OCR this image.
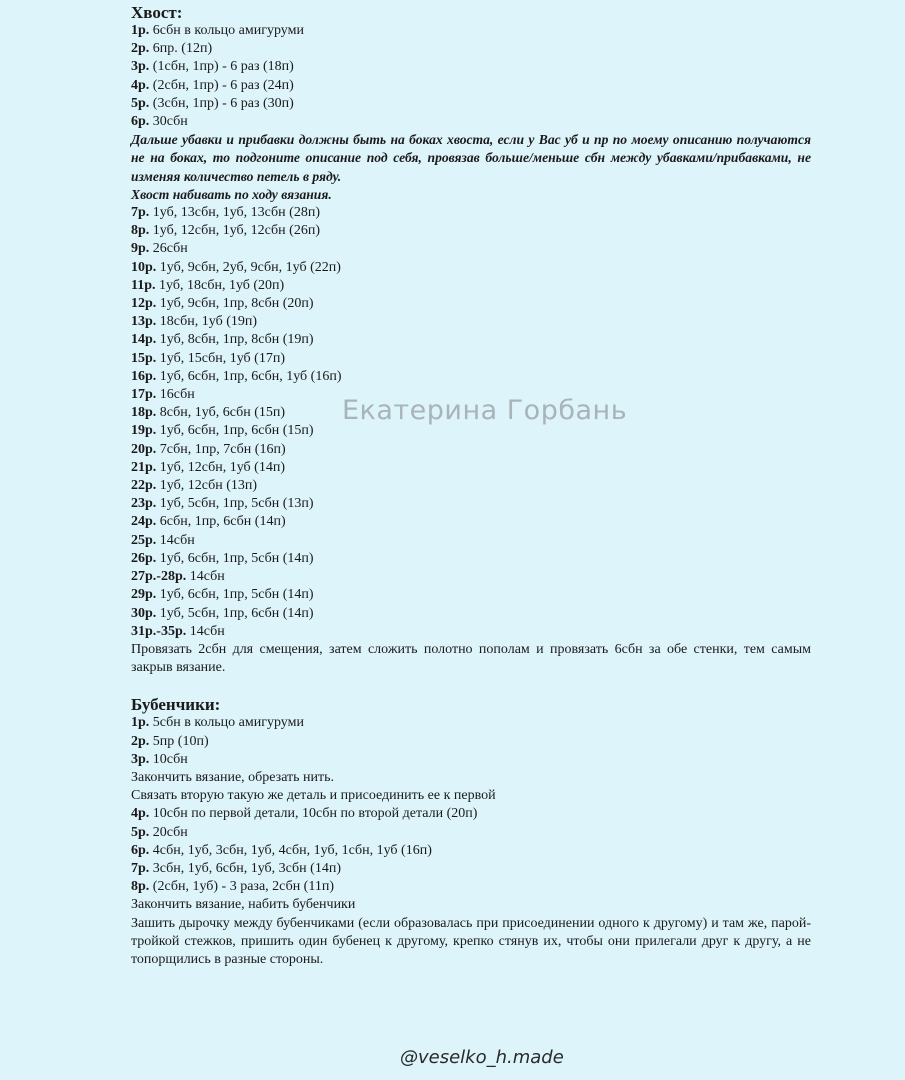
Хвост:
1р. 6сбн в кольцо амигуруми
2р. 6пр. (12п)
3р. (1сбн, 1пр) - 6 раз (18п)
4р. (2сбн, 1пр) - 6 раз (24п)
5р. (3сбн, 1пр) - 6 раз (30п)
6р. 30сбн
Дальше убавки и прибавки должны быть на боках хвоста, если у Вас уб и пр по моему описанию получаются не на боках, то подгоните описание под себя, провязав больше/меньше сбн между убавками/прибавками, не изменяя количество петель в ряду.
Хвост набивать по ходу вязания.
7р. 1уб, 13сбн, 1уб, 13сбн (28п)
8р. 1уб, 12сбн, 1уб, 12сбн (26п)
9р. 26сбн
10р. 1уб, 9сбн, 2уб, 9сбн, 1уб (22п)
11р. 1уб, 18сбн, 1уб (20п)
12р. 1уб, 9сбн, 1пр, 8сбн (20п)
13р. 18сбн, 1уб (19п)
14р. 1уб, 8сбн, 1пр, 8сбн (19п)
15р. 1уб, 15сбн, 1уб (17п)
16р. 1уб, 6сбн, 1пр, 6сбн, 1уб (16п)
17р. 16сбн
18р. 8сбн, 1уб, 6сбн (15п)
19р. 1уб, 6сбн, 1пр, 6сбн (15п)
20р. 7сбн, 1пр, 7сбн (16п)
21р. 1уб, 12сбн, 1уб (14п)
22р. 1уб, 12сбн (13п)
23р. 1уб, 5сбн, 1пр, 5сбн (13п)
24р. 6сбн, 1пр, 6сбн (14п)
25р. 14сбн
26р. 1уб, 6сбн, 1пр, 5сбн (14п)
27р.-28р. 14сбн
29р. 1уб, 6сбн, 1пр, 5сбн (14п)
30р. 1уб, 5сбн, 1пр, 6сбн (14п)
31р.-35р. 14сбн
Провязать 2сбн для смещения, затем сложить полотно пополам и провязать 6сбн за обе стенки, тем самым закрыв вязание.
Бубенчики:
1р. 5сбн в кольцо амигуруми
2р. 5пр (10п)
3р. 10сбн
Закончить вязание, обрезать нить.
Связать вторую такую же деталь и присоединить ее к первой
4р. 10сбн по первой детали, 10сбн по второй детали (20п)
5р. 20сбн
6р. 4сбн, 1уб, 3сбн, 1уб, 4сбн, 1уб, 1сбн, 1уб (16п)
7р. 3сбн, 1уб, 6сбн, 1уб, 3сбн (14п)
8р. (2сбн, 1уб) - 3 раза, 2сбн (11п)
Закончить вязание, набить бубенчики
Зашить дырочку между бубенчиками (если образовалась при присоединении одного к другому) и там же, парой-тройкой стежков, пришить один бубенец к другому, крепко стянув их, чтобы они прилегали друг к другу, а не топорщились в разные стороны.
Екатерина Горбань
@veselko_h.made
